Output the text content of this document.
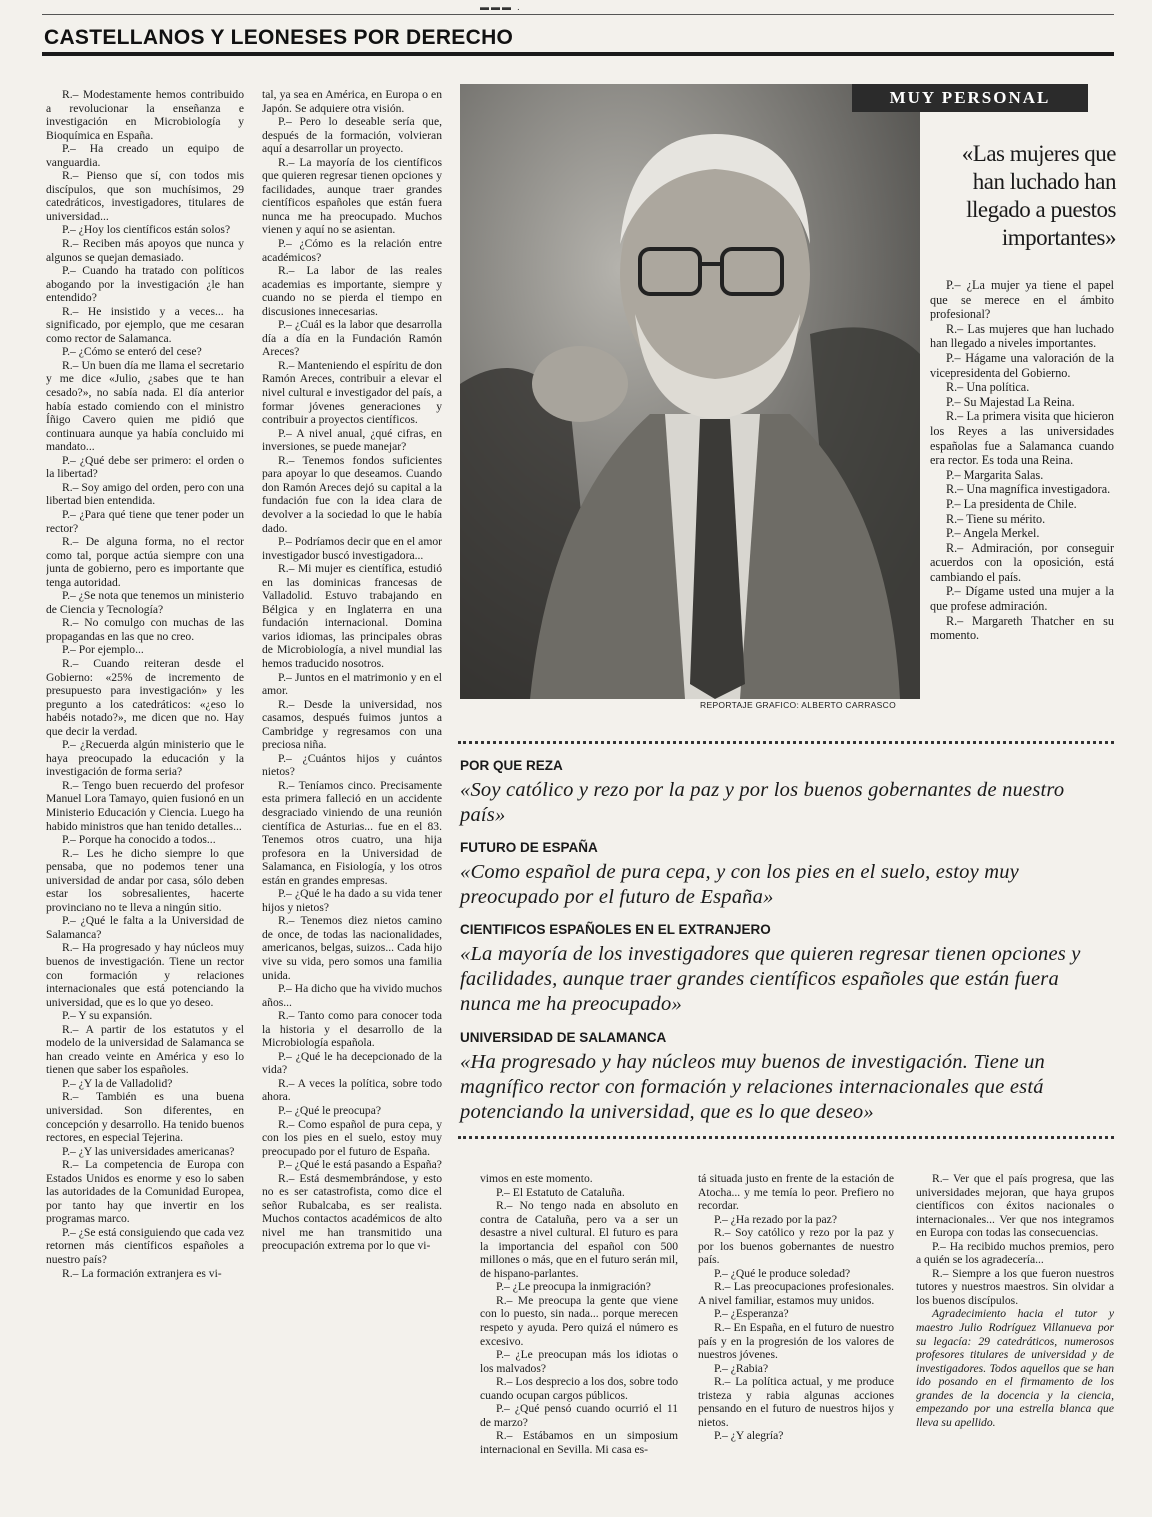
▬▬▬ .
CASTELLANOS Y LEONESES POR DERECHO

R.– Modestamente hemos contribuido a revolucionar la enseñanza e investigación en Microbiología y Bioquímica en España.

P.– Ha creado un equipo de vanguardia.

R.– Pienso que sí, con todos mis discípulos, que son muchísimos, 29 catedráticos, investigadores, titulares de universidad...

P.– ¿Hoy los científicos están solos?

R.– Reciben más apoyos que nunca y algunos se quejan demasiado.

P.– Cuando ha tratado con políticos abogando por la investigación ¿le han entendido?

R.– He insistido y a veces... ha significado, por ejemplo, que me cesaran como rector de Salamanca.

P.– ¿Cómo se enteró del cese?

R.– Un buen día me llama el secretario y me dice «Julio, ¿sabes que te han cesado?», no sabía nada. El día anterior había estado comiendo con el ministro Íñigo Cavero quien me pidió que continuara aunque ya había concluido mi mandato...

P.– ¿Qué debe ser primero: el orden o la libertad?

R.– Soy amigo del orden, pero con una libertad bien entendida.

P.– ¿Para qué tiene que tener poder un rector?

R.– De alguna forma, no el rector como tal, porque actúa siempre con una junta de gobierno, pero es importante que tenga autoridad.

P.– ¿Se nota que tenemos un ministerio de Ciencia y Tecnología?

R.– No comulgo con muchas de las propagandas en las que no creo.

P.– Por ejemplo...

R.– Cuando reiteran desde el Gobierno: «25% de incremento de presupuesto para investigación» y les pregunto a los catedráticos: «¿eso lo habéis notado?», me dicen que no. Hay que decir la verdad.

P.– ¿Recuerda algún ministerio que le haya preocupado la educación y la investigación de forma seria?

R.– Tengo buen recuerdo del profesor Manuel Lora Tamayo, quien fusionó en un Ministerio Educación y Ciencia. Luego ha habido ministros que han tenido detalles...

P.– Porque ha conocido a todos...

R.– Les he dicho siempre lo que pensaba, que no podemos tener una universidad de andar por casa, sólo deben estar los sobresalientes, hacerte provinciano no te lleva a ningún sitio.

P.– ¿Qué le falta a la Universidad de Salamanca?

R.– Ha progresado y hay núcleos muy buenos de investigación. Tiene un rector con formación y relaciones internacionales que está potenciando la universidad, que es lo que yo deseo.

P.– Y su expansión.

R.– A partir de los estatutos y el modelo de la universidad de Salamanca se han creado veinte en América y eso lo tienen que saber los españoles.

P.– ¿Y la de Valladolid?

R.– También es una buena universidad. Son diferentes, en concepción y desarrollo. Ha tenido buenos rectores, en especial Tejerina.

P.– ¿Y las universidades americanas?

R.– La competencia de Europa con Estados Unidos es enorme y eso lo saben las autoridades de la Comunidad Europea, por tanto hay que invertir en los programas marco.

P.– ¿Se está consiguiendo que cada vez retornen más científicos españoles a nuestro país?

R.– La formación extranjera es vi-

tal, ya sea en América, en Europa o en Japón. Se adquiere otra visión.

P.– Pero lo deseable sería que, después de la formación, volvieran aquí a desarrollar un proyecto.

R.– La mayoría de los científicos que quieren regresar tienen opciones y facilidades, aunque traer grandes científicos españoles que están fuera nunca me ha preocupado. Muchos vienen y aquí no se asientan.

P.– ¿Cómo es la relación entre académicos?

R.– La labor de las reales academias es importante, siempre y cuando no se pierda el tiempo en discusiones innecesarias.

P.– ¿Cuál es la labor que desarrolla día a día en la Fundación Ramón Areces?

R.– Manteniendo el espíritu de don Ramón Areces, contribuir a elevar el nivel cultural e investigador del país, a formar jóvenes generaciones y contribuir a proyectos científicos.

P.– A nivel anual, ¿qué cifras, en inversiones, se puede manejar?

R.– Tenemos fondos suficientes para apoyar lo que deseamos. Cuando don Ramón Areces dejó su capital a la fundación fue con la idea clara de devolver a la sociedad lo que le había dado.

P.– Podríamos decir que en el amor investigador buscó investigadora...

R.– Mi mujer es científica, estudió en las dominicas francesas de Valladolid. Estuvo trabajando en Bélgica y en Inglaterra en una fundación internacional. Domina varios idiomas, las principales obras de Microbiología, a nivel mundial las hemos traducido nosotros.

P.– Juntos en el matrimonio y en el amor.

R.– Desde la universidad, nos casamos, después fuimos juntos a Cambridge y regresamos con una preciosa niña.

P.– ¿Cuántos hijos y cuántos nietos?

R.– Teníamos cinco. Precisamente esta primera falleció en un accidente desgraciado viniendo de una reunión científica de Asturias... fue en el 83. Tenemos otros cuatro, una hija profesora en la Universidad de Salamanca, en Fisiología, y los otros están en grandes empresas.

P.– ¿Qué le ha dado a su vida tener hijos y nietos?

R.– Tenemos diez nietos camino de once, de todas las nacionalidades, americanos, belgas, suizos... Cada hijo vive su vida, pero somos una familia unida.

P.– Ha dicho que ha vivido muchos años...

R.– Tanto como para conocer toda la historia y el desarrollo de la Microbiología española.

P.– ¿Qué le ha decepcionado de la vida?

R.– A veces la política, sobre todo ahora.

P.– ¿Qué le preocupa?

R.– Como español de pura cepa, y con los pies en el suelo, estoy muy preocupado por el futuro de España.

P.– ¿Qué le está pasando a España?

R.– Está desmembrándose, y esto no es ser catastrofista, como dice el señor Rubalcaba, es ser realista. Muchos contactos académicos de alto nivel me han transmitido una preocupación extrema por lo que vi-

REPORTAJE GRAFICO: ALBERTO CARRASCO
MUY PERSONAL
«Las mujeres que han luchado han llegado a puestos importantes»

P.– ¿La mujer ya tiene el papel que se merece en el ámbito profesional?

R.– Las mujeres que han luchado han llegado a niveles importantes.

P.– Hágame una valoración de la vicepresidenta del Gobierno.

R.– Una política.

P.– Su Majestad La Reina.

R.– La primera visita que hicieron los Reyes a las universidades españolas fue a Salamanca cuando era rector. Es toda una Reina.

P.– Margarita Salas.

R.– Una magnífica investigadora.

P.– La presidenta de Chile.

R.– Tiene su mérito.

P.– Angela Merkel.

R.– Admiración, por conseguir acuerdos con la oposición, está cambiando el país.

P.– Dígame usted una mujer a la que profese admiración.

R.– Margareth Thatcher en su momento.

POR QUE REZA
«Soy católico y rezo por la paz y por los buenos gobernantes de nuestro país»
FUTURO DE ESPAÑA
«Como español de pura cepa, y con los pies en el suelo, estoy muy preocupado por el futuro de España»
CIENTIFICOS ESPAÑOLES EN EL EXTRANJERO
«La mayoría de los investigadores que quieren regresar tienen opciones y facilidades, aunque traer grandes científicos españoles que están fuera nunca me ha preocupado»
UNIVERSIDAD DE SALAMANCA
«Ha progresado y hay núcleos muy buenos de investigación. Tiene un magnífico rector con formación y relaciones internacionales que está potenciando la universidad, que es lo que deseo»

vimos en este momento.

P.– El Estatuto de Cataluña.

R.– No tengo nada en absoluto en contra de Cataluña, pero va a ser un desastre a nivel cultural. El futuro es para la importancia del español con 500 millones o más, que en el futuro serán mil, de hispano-parlantes.

P.– ¿Le preocupa la inmigración?

R.– Me preocupa la gente que viene con lo puesto, sin nada... porque merecen respeto y ayuda. Pero quizá el número es excesivo.

P.– ¿Le preocupan más los idiotas o los malvados?

R.– Los desprecio a los dos, sobre todo cuando ocupan cargos públicos.

P.– ¿Qué pensó cuando ocurrió el 11 de marzo?

R.– Estábamos en un simposium internacional en Sevilla. Mi casa es-

tá situada justo en frente de la estación de Atocha... y me temía lo peor. Prefiero no recordar.

P.– ¿Ha rezado por la paz?

R.– Soy católico y rezo por la paz y por los buenos gobernantes de nuestro país.

P.– ¿Qué le produce soledad?

R.– Las preocupaciones profesionales. A nivel familiar, estamos muy unidos.

P.– ¿Esperanza?

R.– En España, en el futuro de nuestro país y en la progresión de los valores de nuestros jóvenes.

P.– ¿Rabia?

R.– La política actual, y me produce tristeza y rabia algunas acciones pensando en el futuro de nuestros hijos y nietos.

P.– ¿Y alegría?

R.– Ver que el país progresa, que las universidades mejoran, que haya grupos científicos con éxitos nacionales o internacionales... Ver que nos integramos en Europa con todas las consecuencias.

P.– Ha recibido muchos premios, pero a quién se los agradecería...

R.– Siempre a los que fueron nuestros tutores y nuestros maestros. Sin olvidar a los buenos discípulos.

Agradecimiento hacia el tutor y maestro Julio Rodríguez Villanueva por su legacía: 29 catedráticos, numerosos profesores titulares de universidad y de investigadores. Todos aquellos que se han ido posando en el firmamento de los grandes de la docencia y la ciencia, empezando por una estrella blanca que lleva su apellido.
